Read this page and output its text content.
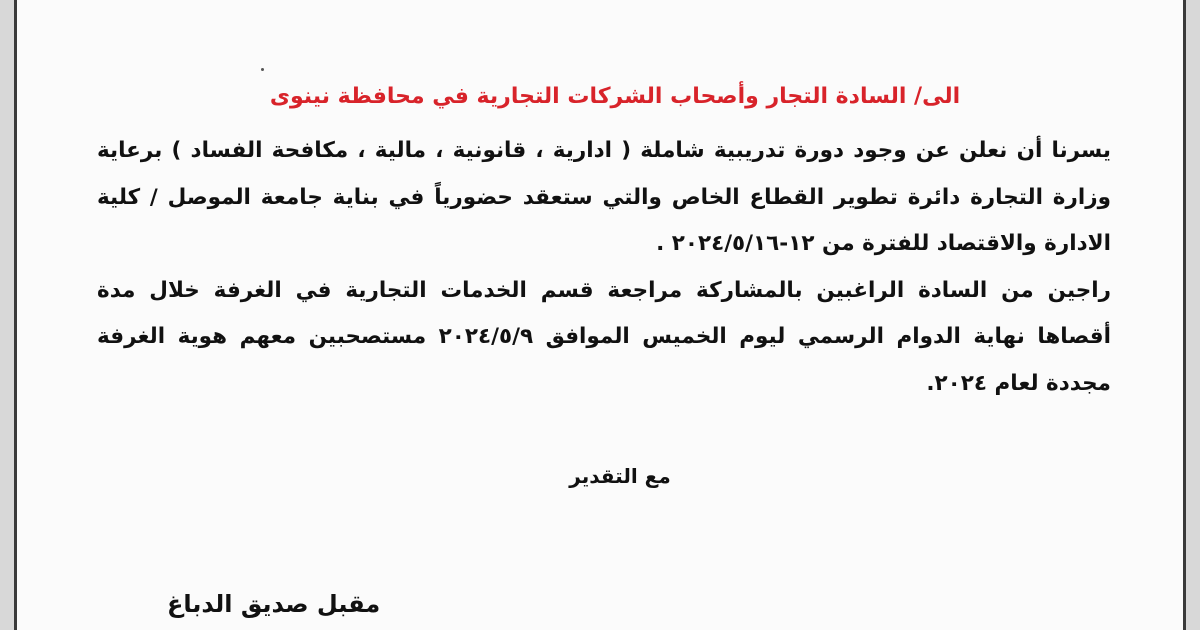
الى/ السادة التجار وأصحاب الشركات التجارية في محافظة نينوى

يسرنا أن نعلن عن وجود دورة تدريبية شاملة ( ادارية ، قانونية ، مالية ، مكافحة الفساد ) برعاية وزارة التجارة دائرة تطوير القطاع الخاص والتي ستعقد حضورياً في بناية جامعة الموصل / كلية الادارة والاقتصاد للفترة من ١٢-٢٠٢٤/٥/١٦ .

راجين من السادة الراغبين بالمشاركة مراجعة قسم الخدمات التجارية في الغرفة خلال مدة أقصاها نهاية الدوام الرسمي ليوم الخميس الموافق ٢٠٢٤/٥/٩ مستصحبين معهم هوية الغرفة مجددة لعام ٢٠٢٤.

مع التقدير
مقبل صديق الدباغ
